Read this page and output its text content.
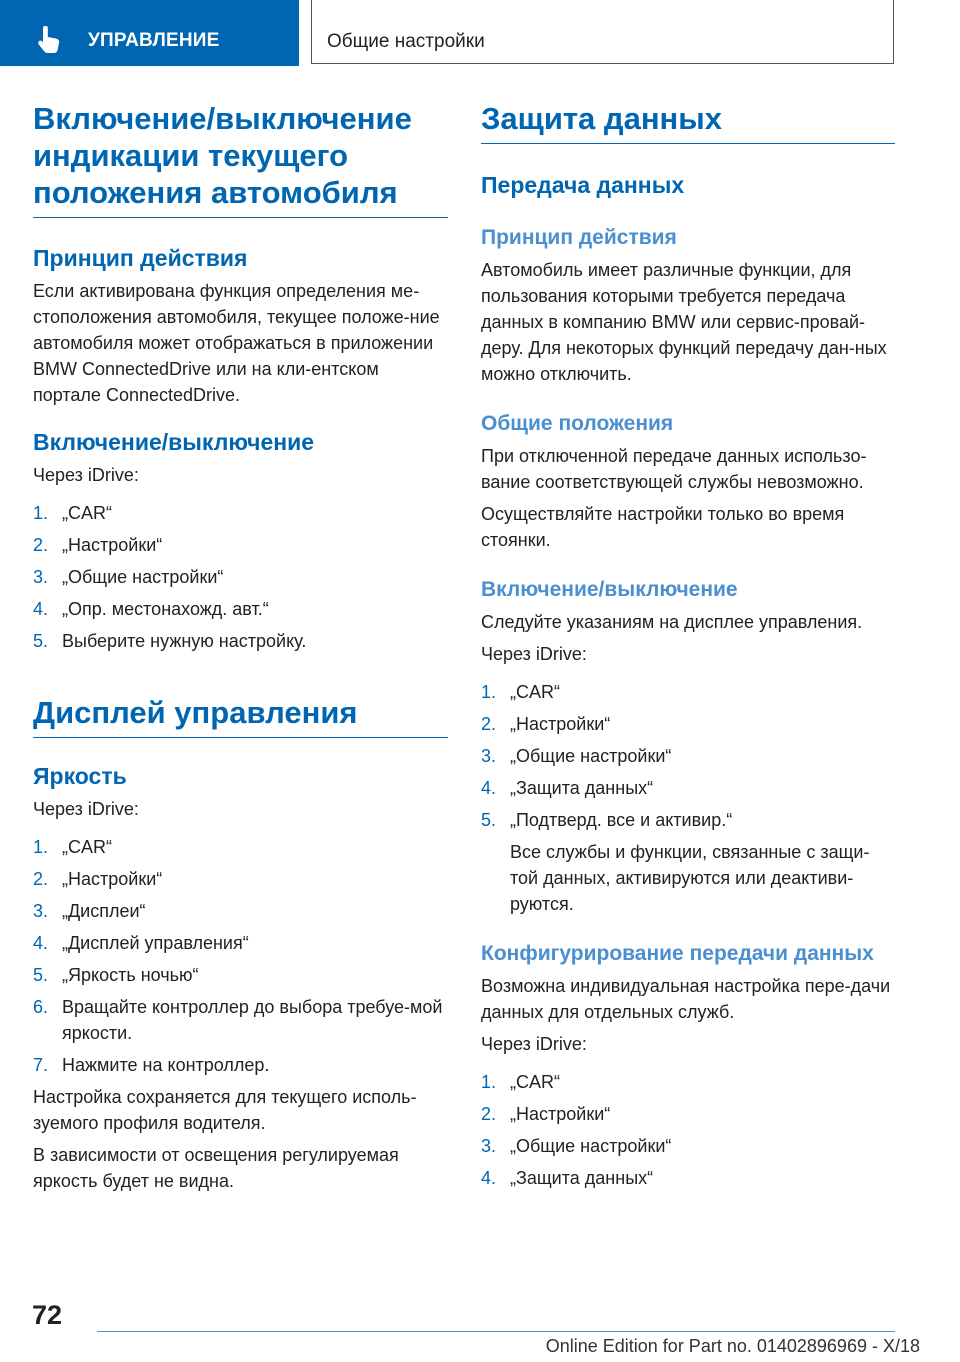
УПРАВЛЕНИЕ	Общие настройки
Включение/выключение индикации текущего положения автомобиля
Принцип действия

Если активирована функция определения ме-стоположения автомобиля, текущее положе-ние автомобиля может отображаться в приложении BMW ConnectedDrive или на кли-ентском портале ConnectedDrive.

Включение/выключение

Через iDrive:

1. „CAR“
2. „Настройки“
3. „Общие настройки“
4. „Опр. местонахожд. авт.“
5. Выберите нужную настройку.
Дисплей управления
Яркость

Через iDrive:

1. „CAR“
2. „Настройки“
3. „Дисплеи“
4. „Дисплей управления“
5. „Яркость ночью“
6. Вращайте контроллер до выбора требуе-мой яркости.
7. Нажмите на контроллер.

Настройка сохраняется для текущего исполь-зуемого профиля водителя.

В зависимости от освещения регулируемая яркость будет не видна.

Защита данных
Передача данных
Принцип действия

Автомобиль имеет различные функции, для пользования которыми требуется передача данных в компанию BMW или сервис-провай-деру. Для некоторых функций передачу дан-ных можно отключить.

Общие положения

При отключенной передаче данных использо-вание соответствующей службы невозможно.

Осуществляйте настройки только во время стоянки.

Включение/выключение

Следуйте указаниям на дисплее управления.

Через iDrive:

1. „CAR“
2. „Настройки“
3. „Общие настройки“
4. „Защита данных“
5. „Подтверд. все и активир.“

Все службы и функции, связанные с защи-той данных, активируются или деактиви-руются.

Конфигурирование передачи данных

Возможна индивидуальная настройка пере-дачи данных для отдельных служб.

Через iDrive:

1. „CAR“
2. „Настройки“
3. „Общие настройки“
4. „Защита данных“
72
Online Edition for Part no. 01402896969 - X/18
